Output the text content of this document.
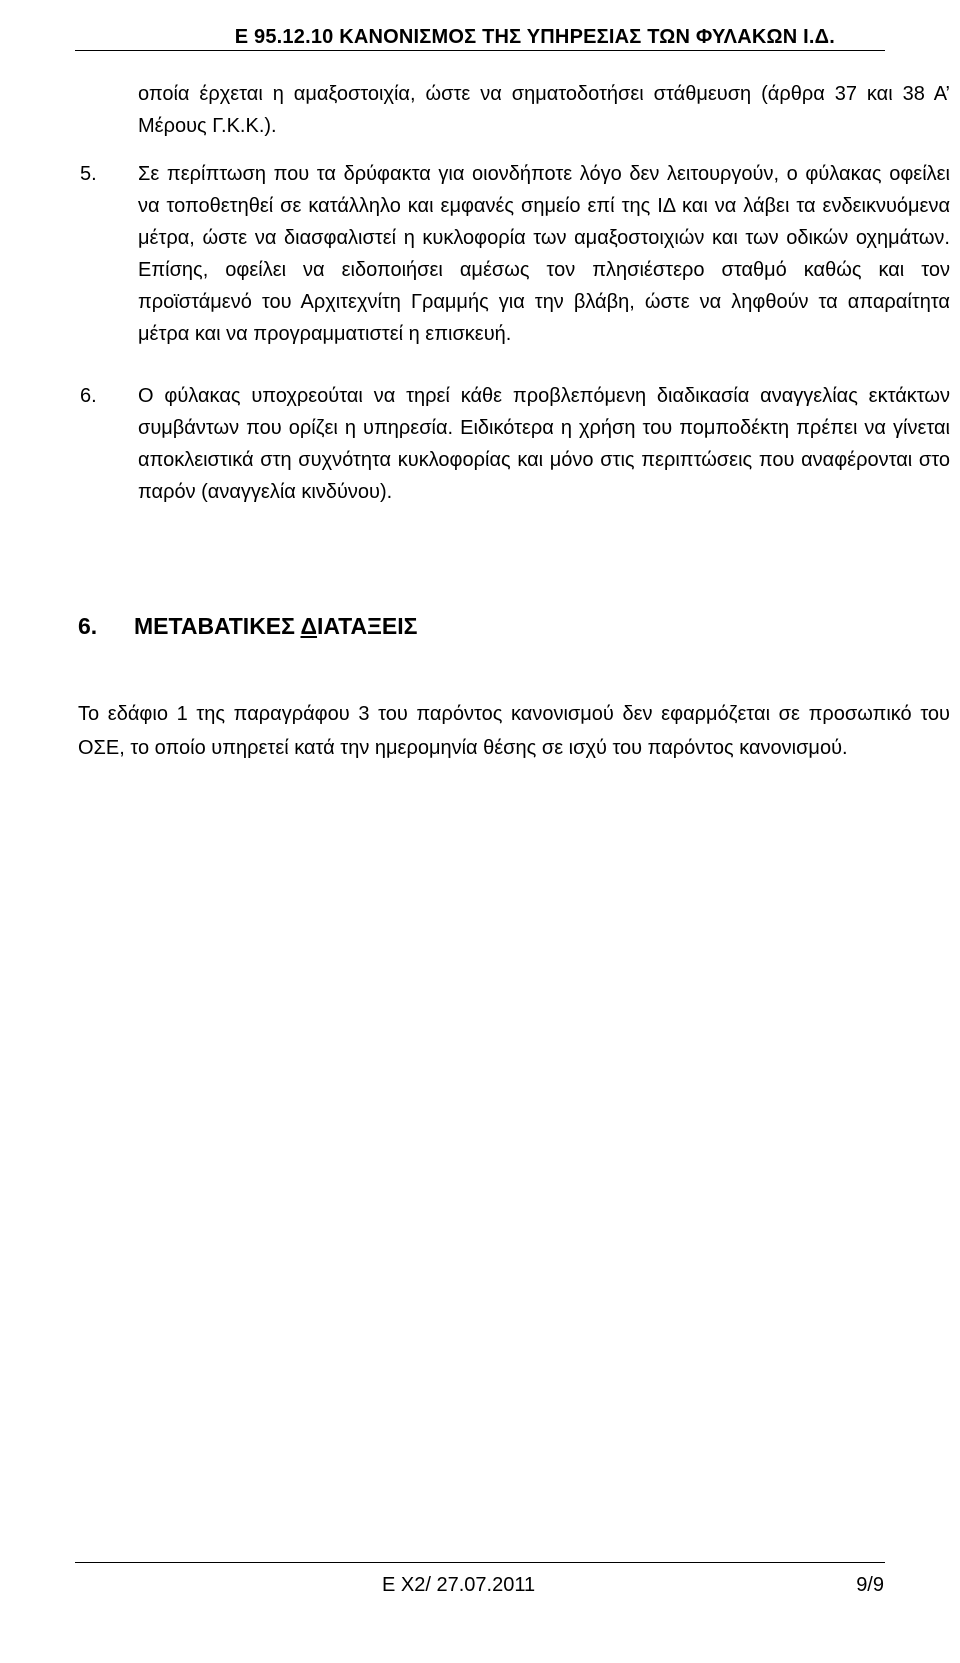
Ε 95.12.10 ΚΑΝΟΝΙΣΜΟΣ ΤΗΣ ΥΠΗΡΕΣΙΑΣ ΤΩΝ ΦΥΛΑΚΩΝ Ι.Δ.
οποία έρχεται η αμαξοστοιχία, ώστε να σηματοδοτήσει στάθμευση (άρθρα 37 και 38 Α’ Μέρους Γ.Κ.Κ.).
5. Σε περίπτωση που τα δρύφακτα για οιονδήποτε λόγο δεν λειτουργούν, ο φύλακας οφείλει να τοποθετηθεί σε κατάλληλο και εμφανές σημείο επί της ΙΔ και να λάβει τα ενδεικνυόμενα μέτρα, ώστε να διασφαλιστεί η κυκλοφορία των αμαξοστοιχιών και των οδικών οχημάτων. Επίσης, οφείλει να ειδοποιήσει αμέσως τον πλησιέστερο σταθμό καθώς και τον προϊστάμενό του Αρχιτεχνίτη Γραμμής για την βλάβη, ώστε να ληφθούν τα απαραίτητα μέτρα και να προγραμματιστεί η επισκευή.
6. Ο φύλακας υποχρεούται να τηρεί κάθε προβλεπόμενη διαδικασία αναγγελίας εκτάκτων συμβάντων που ορίζει η υπηρεσία. Ειδικότερα η χρήση του πομποδέκτη πρέπει να γίνεται αποκλειστικά στη συχνότητα κυκλοφορίας και μόνο στις περιπτώσεις που αναφέρονται στο παρόν (αναγγελία κινδύνου).
6. ΜΕΤΑΒΑΤΙΚΕΣ ΔΙΑΤΑΞΕΙΣ
Το εδάφιο 1 της παραγράφου 3 του παρόντος κανονισμού δεν εφαρμόζεται σε προσωπικό του ΟΣΕ, το οποίο υπηρετεί κατά την ημερομηνία θέσης σε ισχύ του παρόντος κανονισμού.
Ε Χ2/ 27.07.2011	9/9
